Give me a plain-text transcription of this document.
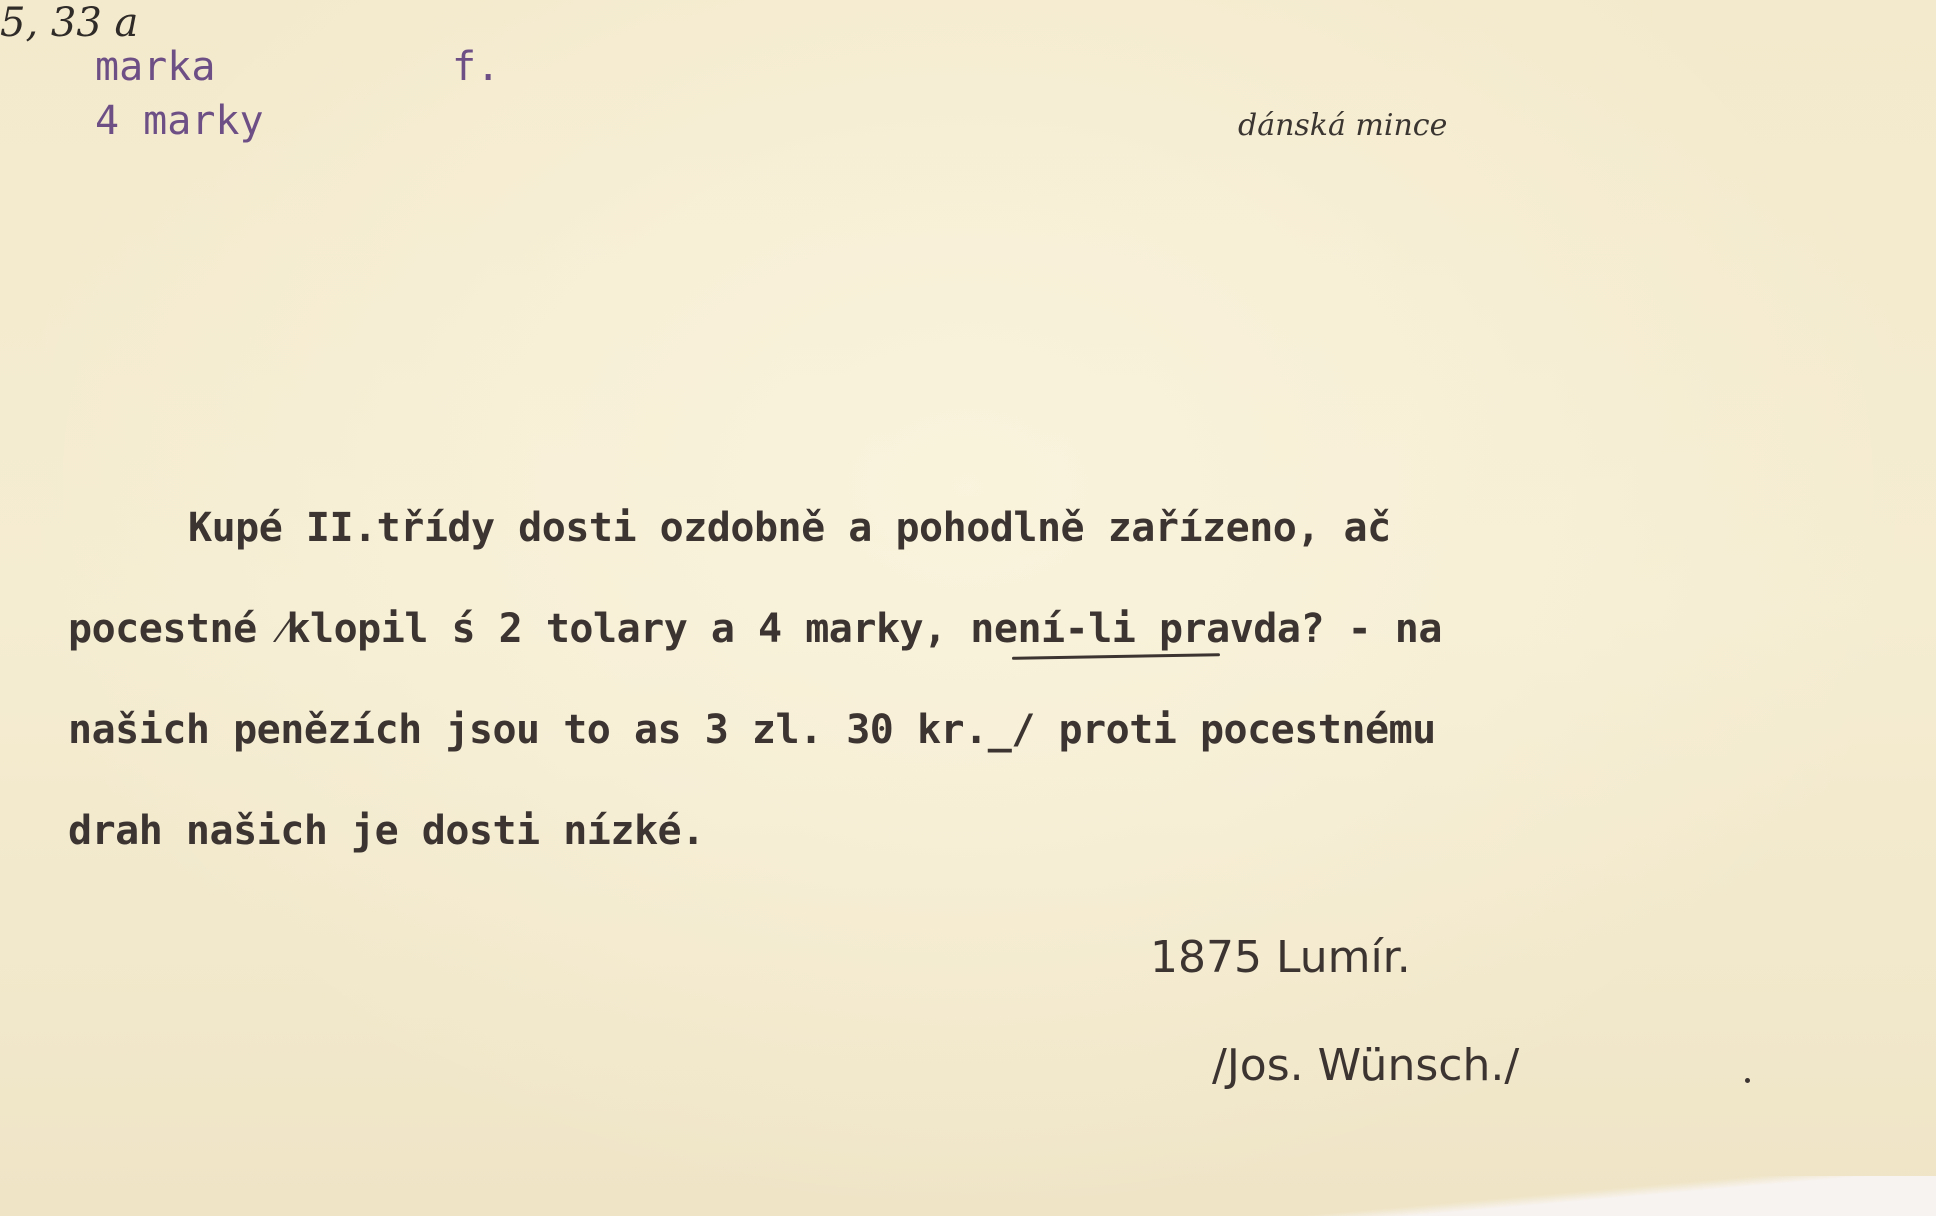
marka
4 marky
f.
dánská mince
Kupé II.třídy dosti ozdobně a pohodlně zařízeno, ač
pocestné ⁄klopil ́s 2 tolary a 4 marky, není-li pravda? - na
našich penězích jsou to as 3 zl. 30 kr._/ proti pocestnému
drah našich je dosti nízké.
1875 Lumír.
5, 33 a
/Jos. Wünsch./
